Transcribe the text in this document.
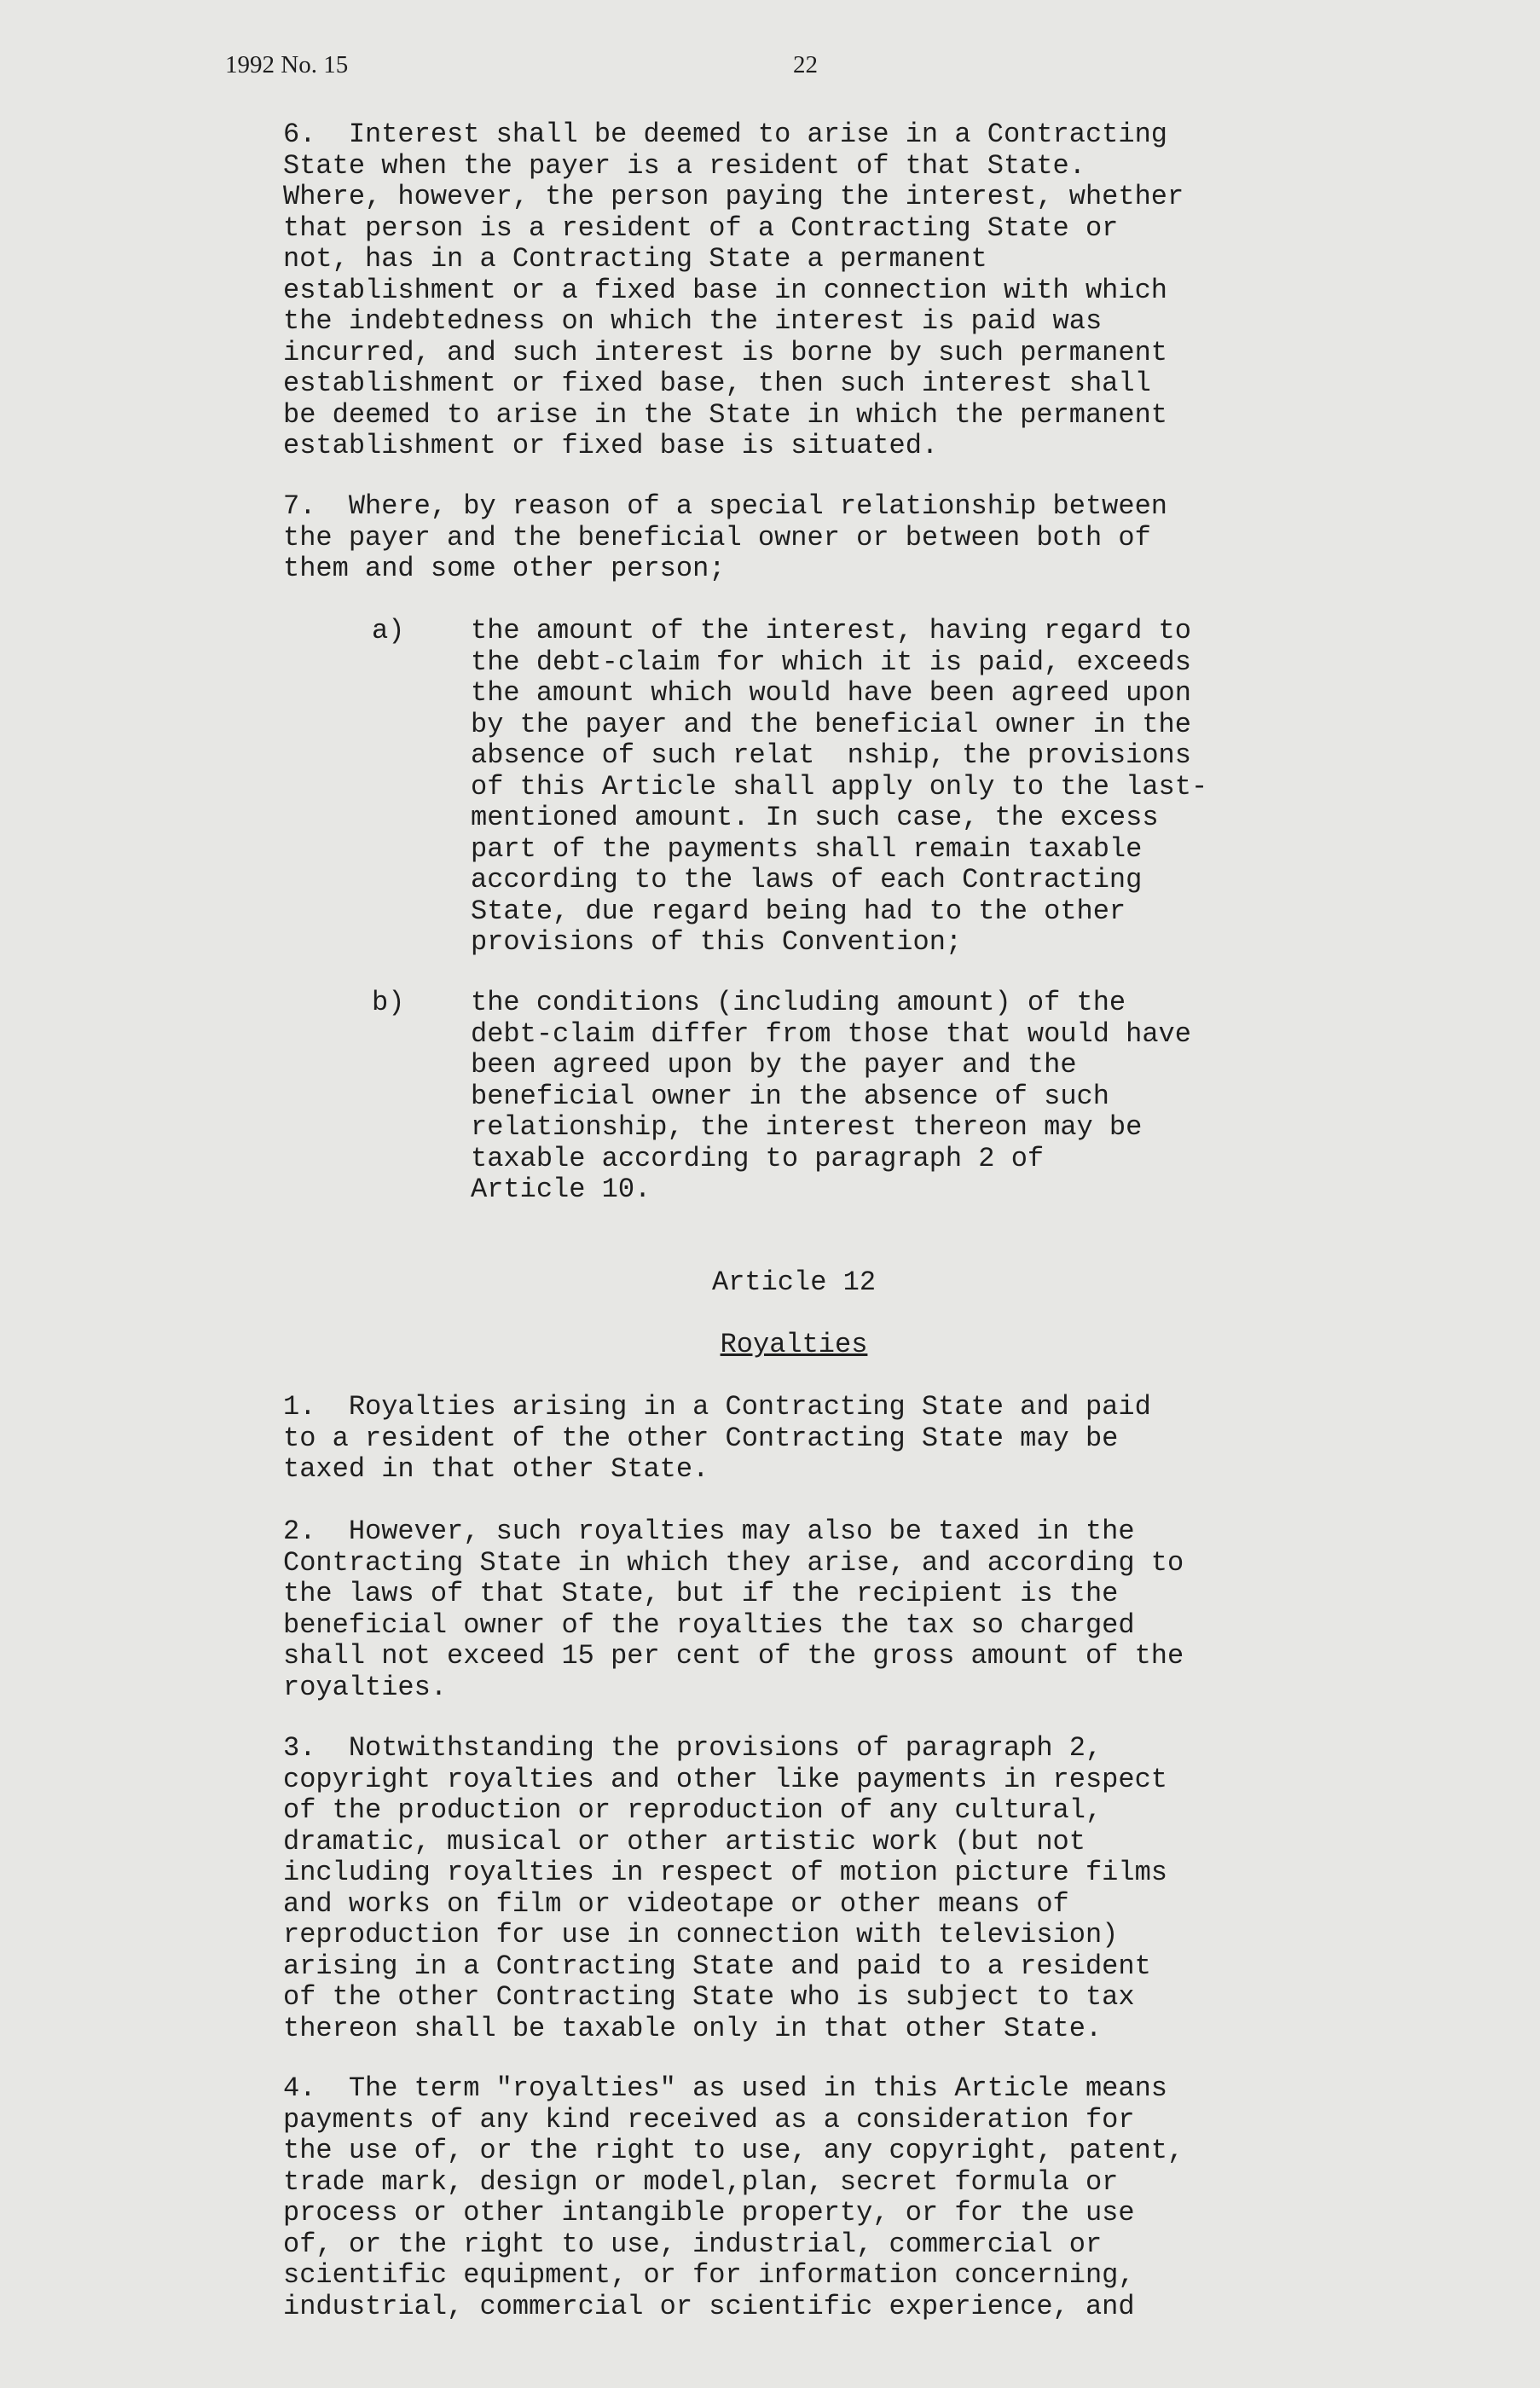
1992 No. 15	22
6.  Interest shall be deemed to arise in a Contracting
State when the payer is a resident of that State.
Where, however, the person paying the interest, whether
that person is a resident of a Contracting State or
not, has in a Contracting State a permanent
establishment or a fixed base in connection with which
the indebtedness on which the interest is paid was
incurred, and such interest is borne by such permanent
establishment or fixed base, then such interest shall
be deemed to arise in the State in which the permanent
establishment or fixed base is situated.
7.  Where, by reason of a special relationship between
the payer and the beneficial owner or between both of
them and some other person;
a) the amount of the interest, having regard to
the debt-claim for which it is paid, exceeds
the amount which would have been agreed upon
by the payer and the beneficial owner in the
absence of such relat  nship, the provisions
of this Article shall apply only to the last-
mentioned amount. In such case, the excess
part of the payments shall remain taxable
according to the laws of each Contracting
State, due regard being had to the other
provisions of this Convention;
b) the conditions (including amount) of the
debt-claim differ from those that would have
been agreed upon by the payer and the
beneficial owner in the absence of such
relationship, the interest thereon may be
taxable according to paragraph 2 of
Article 10.
Article 12
Royalties
1.  Royalties arising in a Contracting State and paid
to a resident of the other Contracting State may be
taxed in that other State.
2.  However, such royalties may also be taxed in the
Contracting State in which they arise, and according to
the laws of that State, but if the recipient is the
beneficial owner of the royalties the tax so charged
shall not exceed 15 per cent of the gross amount of the
royalties.
3.  Notwithstanding the provisions of paragraph 2,
copyright royalties and other like payments in respect
of the production or reproduction of any cultural,
dramatic, musical or other artistic work (but not
including royalties in respect of motion picture films
and works on film or videotape or other means of
reproduction for use in connection with television)
arising in a Contracting State and paid to a resident
of the other Contracting State who is subject to tax
thereon shall be taxable only in that other State.
4.  The term "royalties" as used in this Article means
payments of any kind received as a consideration for
the use of, or the right to use, any copyright, patent,
trade mark, design or model,plan, secret formula or
process or other intangible property, or for the use
of, or the right to use, industrial, commercial or
scientific equipment, or for information concerning,
industrial, commercial or scientific experience, and
